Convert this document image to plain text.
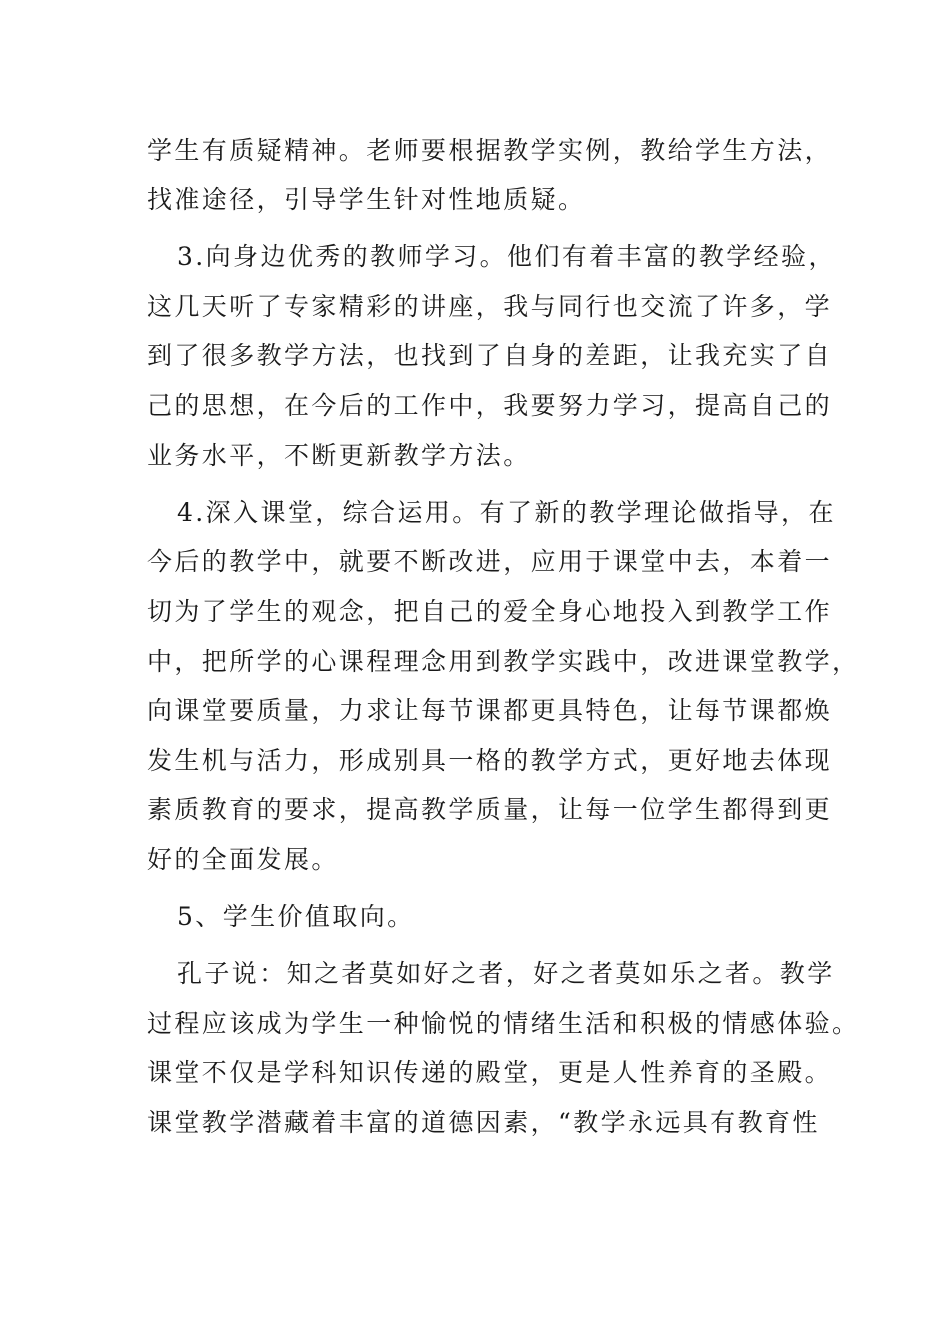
学生有质疑精神。老师要根据教学实例，教给学生方法，
找准途径，引导学生针对性地质疑。
3.向身边优秀的教师学习。他们有着丰富的教学经验，
这几天听了专家精彩的讲座，我与同行也交流了许多，学
到了很多教学方法，也找到了自身的差距，让我充实了自
己的思想，在今后的工作中，我要努力学习，提高自己的
业务水平，不断更新教学方法。
4.深入课堂，综合运用。有了新的教学理论做指导，在
今后的教学中，就要不断改进，应用于课堂中去，本着一
切为了学生的观念，把自己的爱全身心地投入到教学工作
中，把所学的心课程理念用到教学实践中，改进课堂教学，
向课堂要质量，力求让每节课都更具特色，让每节课都焕
发生机与活力，形成别具一格的教学方式，更好地去体现
素质教育的要求，提高教学质量，让每一位学生都得到更
好的全面发展。
5、学生价值取向。
孔子说：知之者莫如好之者，好之者莫如乐之者。教学
过程应该成为学生一种愉悦的情绪生活和积极的情感体验。
课堂不仅是学科知识传递的殿堂，更是人性养育的圣殿。
课堂教学潜藏着丰富的道德因素，“教学永远具有教育性
